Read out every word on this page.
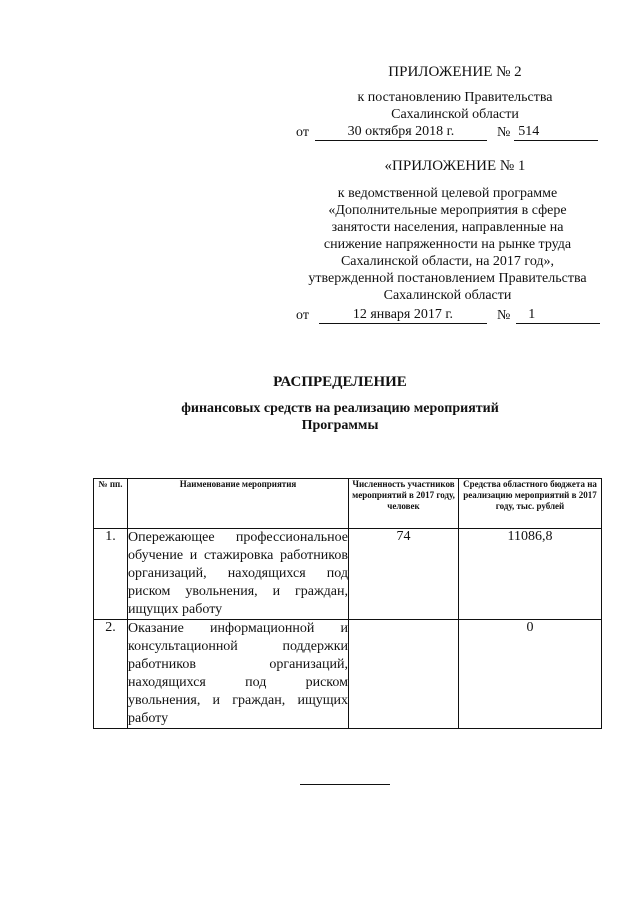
ПРИЛОЖЕНИЕ № 2
к постановлению Правительства
Сахалинской области
от	30 октября 2018 г.	№ 514
«ПРИЛОЖЕНИЕ № 1
к ведомственной целевой программе
«Дополнительные мероприятия в сфере
занятости населения, направленные на
снижение напряженности на рынке труда
Сахалинской области, на 2017 год»,
утвержденной постановлением Правительства
Сахалинской области
от	12 января 2017 г.	№	1
РАСПРЕДЕЛЕНИЕ
финансовых средств на реализацию мероприятий
Программы
№ пп.	Наименование мероприятия	Численность участников мероприятий в 2017 году, человек	Средства областного бюджета на реализацию мероприятий в 2017 году, тыс. рублей
1.	Опережающее профессиональное обучение и стажировка работников организаций, находящихся под риском увольнения, и граждан, ищущих работу	74	11086,8
2.	Оказание информационной и консультационной поддержки работников организаций, находящихся под риском увольнения, и граждан, ищущих работу		0
